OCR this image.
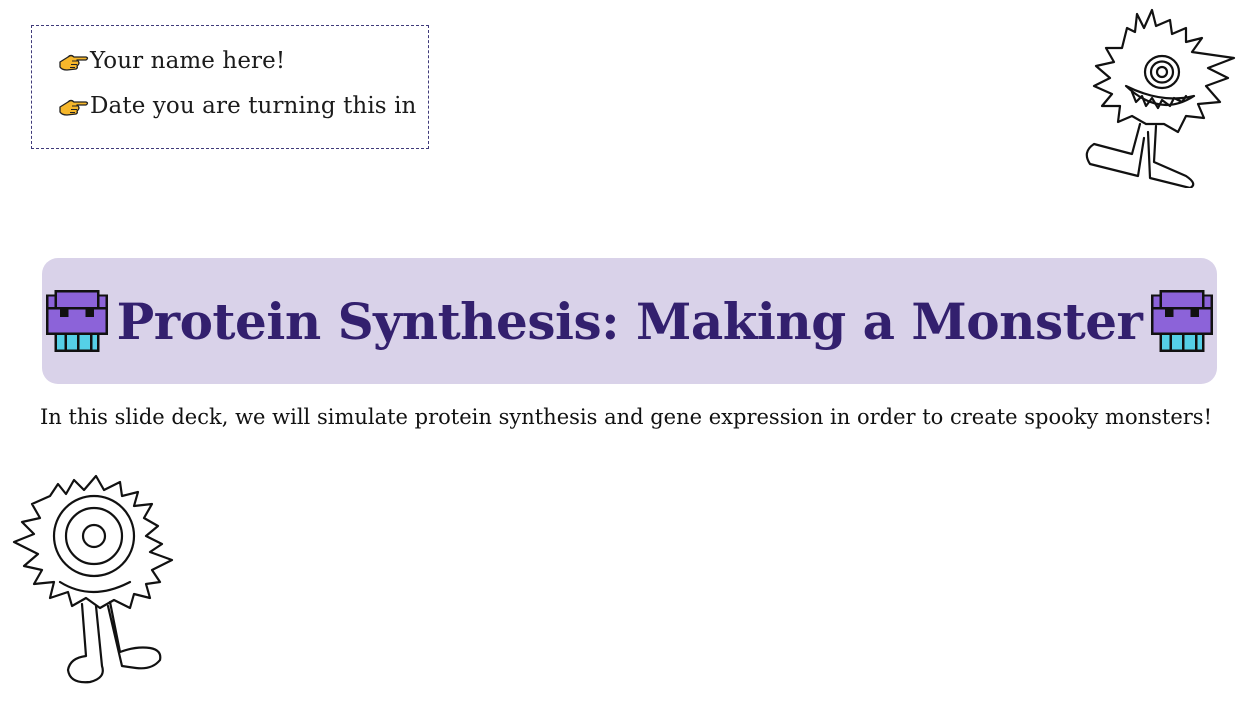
Your name here!
Date you are turning this in
Protein Synthesis: Making a Monster
In this slide deck, we will simulate protein synthesis and gene expression in order to create spooky monsters!
